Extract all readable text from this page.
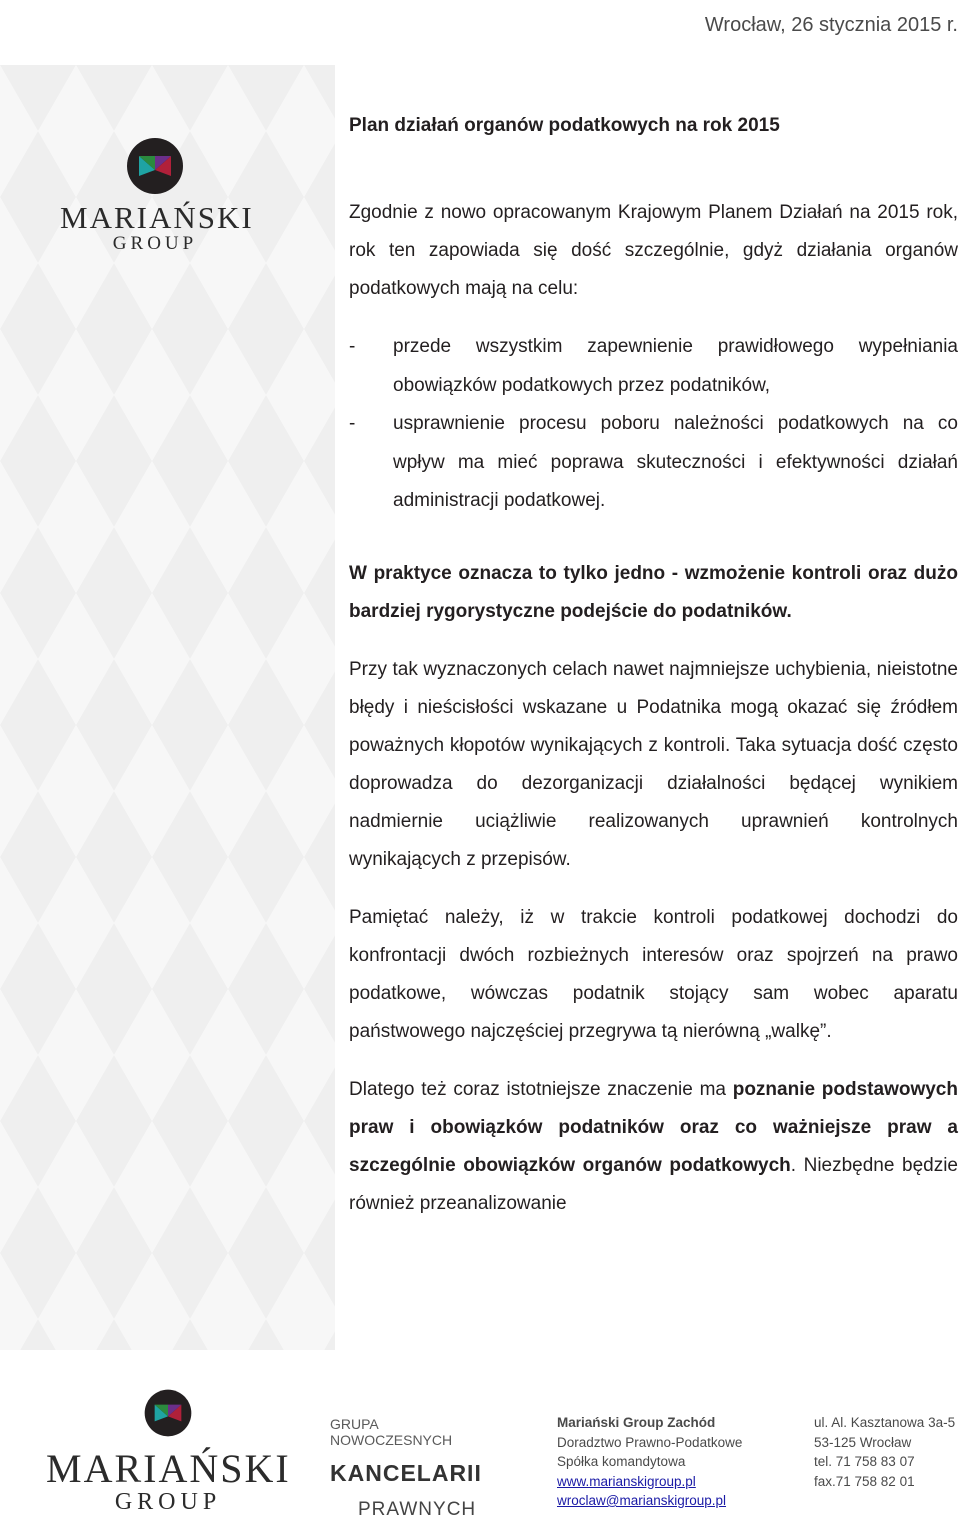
Wrocław, 26 stycznia 2015 r.
MARIAŃSKI
GROUP
Plan działań organów podatkowych na rok 2015

Zgodnie z nowo opracowanym Krajowym Planem Działań na 2015 rok, rok ten zapowiada się dość szczególnie, gdyż działania organów podatkowych mają na celu:

- przede wszystkim zapewnienie prawidłowego wypełniania obowiązków podatkowych przez podatników,
- usprawnienie procesu poboru należności podatkowych na co wpływ ma mieć poprawa skuteczności i efektywności działań administracji podatkowej.

W praktyce oznacza to tylko jedno - wzmożenie kontroli oraz dużo bardziej rygorystyczne podejście do podatników.

Przy tak wyznaczonych celach nawet najmniejsze uchybienia, nieistotne błędy i nieścisłości wskazane u Podatnika mogą okazać się źródłem poważnych kłopotów wynikających z kontroli. Taka sytuacja dość często doprowadza do dezorganizacji działalności będącej wynikiem nadmiernie uciążliwie realizowanych uprawnień kontrolnych wynikających z przepisów.

Pamiętać należy, iż w trakcie kontroli podatkowej dochodzi do konfrontacji dwóch rozbieżnych interesów oraz spojrzeń na prawo podatkowe, wówczas podatnik stojący sam wobec aparatu państwowego najczęściej przegrywa tą nierówną „walkę”.

Dlatego też coraz istotniejsze znaczenie ma poznanie podstawowych praw i obowiązków podatników oraz co ważniejsze praw a szczególnie obowiązków organów podatkowych. Niezbędne będzie również przeanalizowanie

MARIAŃSKI
GROUP
GRUPA NOWOCZESNYCH
KANCELARII
PRAWNYCH
Mariański Group Zachód
Doradztwo Prawno-Podatkowe
Spółka komandytowa
www.marianskigroup.pl
wroclaw@marianskigroup.pl
ul. Al. Kasztanowa 3a-5
53-125 Wrocław
tel. 71 758 83 07
fax.71 758 82 01
